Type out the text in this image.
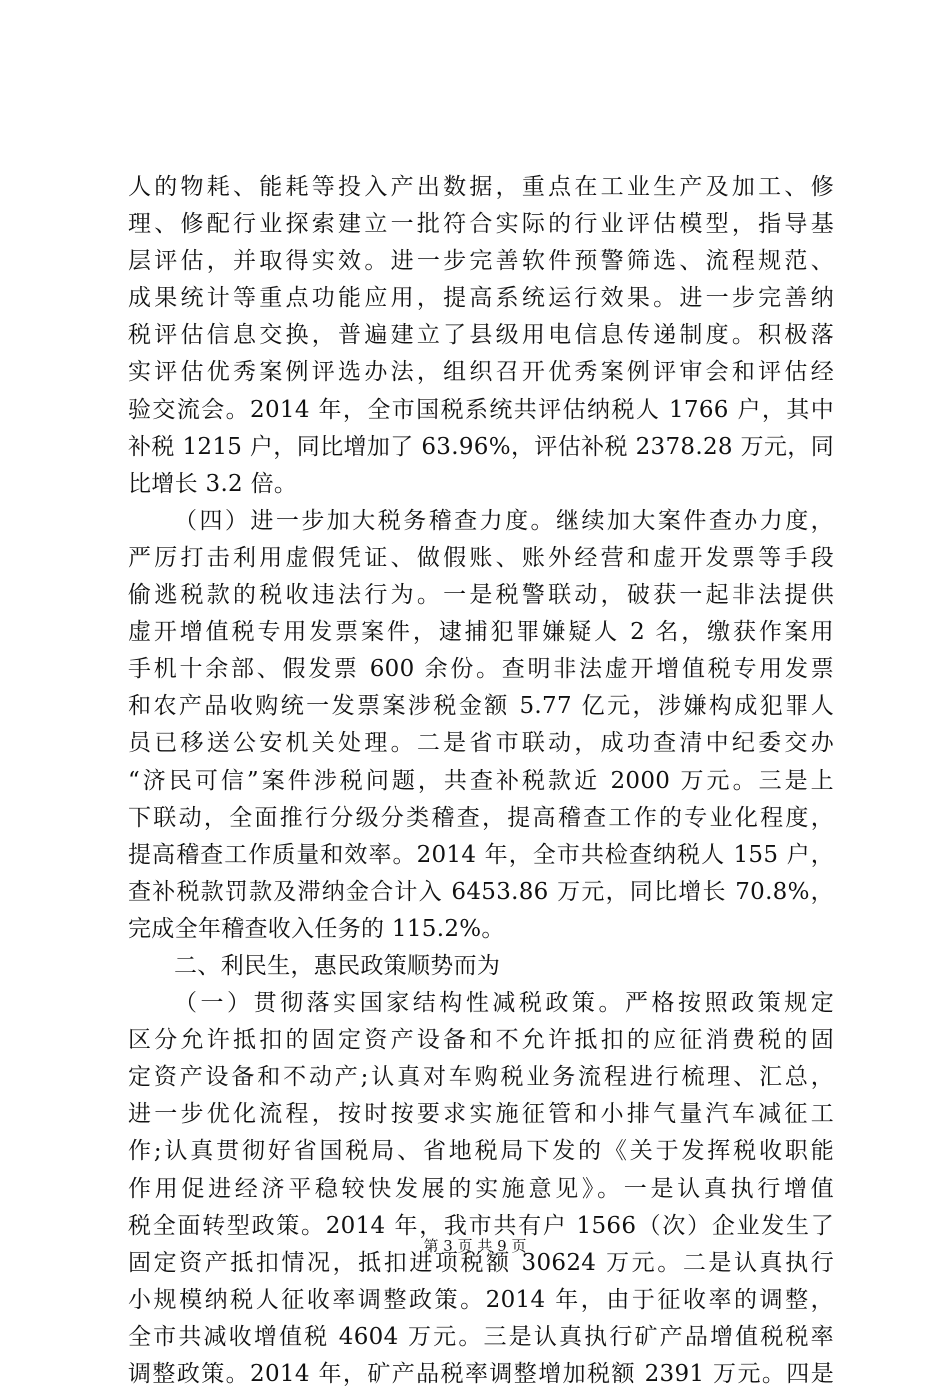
人的物耗、能耗等投入产出数据，重点在工业生产及加工、修
理、修配行业探索建立一批符合实际的行业评估模型，指导基
层评估，并取得实效。进一步完善软件预警筛选、流程规范、
成果统计等重点功能应用，提高系统运行效果。进一步完善纳
税评估信息交换，普遍建立了县级用电信息传递制度。积极落
实评估优秀案例评选办法，组织召开优秀案例评审会和评估经
验交流会。2014 年，全市国税系统共评估纳税人 1766 户，其中
补税 1215 户，同比增加了 63.96%，评估补税 2378.28 万元，同
比增长 3.2 倍。
（四）进一步加大税务稽查力度。继续加大案件查办力度，
严厉打击利用虚假凭证、做假账、账外经营和虚开发票等手段
偷逃税款的税收违法行为。一是税警联动，破获一起非法提供
虚开增值税专用发票案件，逮捕犯罪嫌疑人 2 名，缴获作案用
手机十余部、假发票 600 余份。查明非法虚开增值税专用发票
和农产品收购统一发票案涉税金额 5.77 亿元，涉嫌构成犯罪人
员已移送公安机关处理。二是省市联动，成功查清中纪委交办
“济民可信”案件涉税问题，共查补税款近 2000 万元。三是上
下联动，全面推行分级分类稽查，提高稽查工作的专业化程度，
提高稽查工作质量和效率。2014 年，全市共检查纳税人 155 户，
查补税款罚款及滞纳金合计入 6453.86 万元，同比增长 70.8%，
完成全年稽查收入任务的 115.2%。
二、利民生，惠民政策顺势而为
（一）贯彻落实国家结构性减税政策。严格按照政策规定
区分允许抵扣的固定资产设备和不允许抵扣的应征消费税的固
定资产设备和不动产;认真对车购税业务流程进行梳理、汇总，
进一步优化流程，按时按要求实施征管和小排气量汽车减征工
作;认真贯彻好省国税局、省地税局下发的《关于发挥税收职能
作用促进经济平稳较快发展的实施意见》。一是认真执行增值
税全面转型政策。2014 年，我市共有户 1566（次）企业发生了
固定资产抵扣情况，抵扣进项税额 30624 万元。二是认真执行
小规模纳税人征收率调整政策。2014 年，由于征收率的调整，
全市共减收增值税 4604 万元。三是认真执行矿产品增值税税率
调整政策。2014 年，矿产品税率调整增加税额 2391 万元。四是
第 3 页 共 9 页
